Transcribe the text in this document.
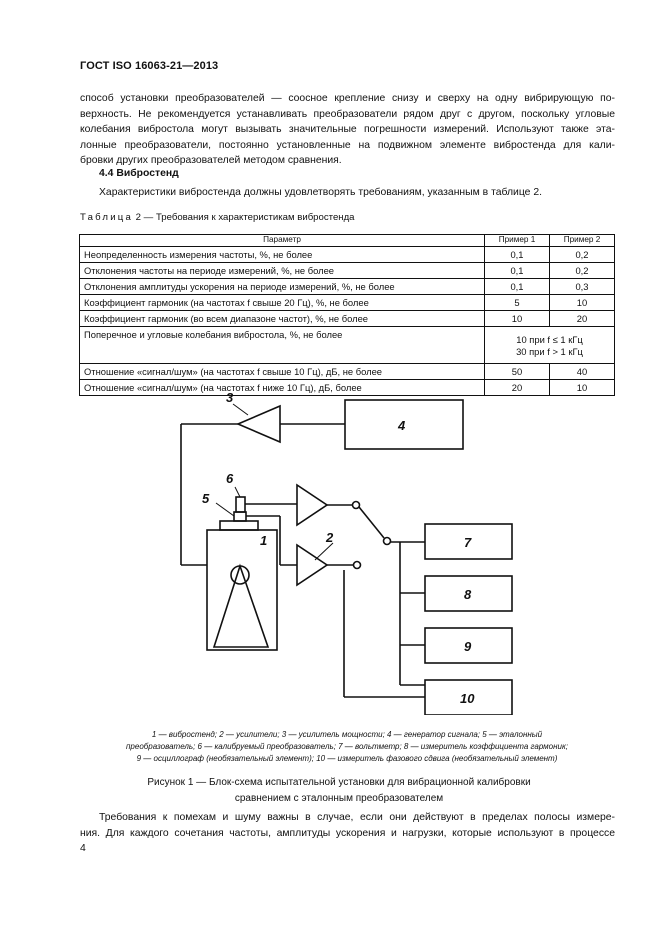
ГОСТ ISO 16063-21—2013
способ установки преобразователей — соосное крепление снизу и сверху на одну вибрирующую по-
верхность. Не рекомендуется устанавливать преобразователи рядом друг с другом, поскольку угловые
колебания вибростола могут вызывать значительные погрешности измерений. Используют также эта-
лонные преобразователи, постоянно установленные на подвижном элементе вибростенда для кали-
бровки других преобразователей методом сравнения.
4.4 Вибростенд
Характеристики вибростенда должны удовлетворять требованиям, указанным в таблице 2.
Таблица 2 — Требования к характеристикам вибростенда
Параметр	Пример 1	Пример 2
Неопределенность измерения частоты, %, не более	0,1	0,2
Отклонения частоты на периоде измерений, %, не более	0,1	0,2
Отклонения амплитуды ускорения на периоде измерений, %, не более	0,1	0,3
Коэффициент гармоник (на частотах f свыше 20 Гц), %, не более	5	10
Коэффициент гармоник (во всем диапазоне частот), %, не более	10	20
Поперечное и угловые колебания вибростола, %, не более	10 при f ≤ 1 кГц
30 при f > 1 кГц	

Отношение «сигнал/шум» (на частотах f свыше 10 Гц), дБ, не более	50	40
Отношение «сигнал/шум» (на частотах f ниже 10 Гц), дБ, более	20	10
4
3
5
6
1	2	7
8
9
10
1 — вибростенд; 2 — усилители; 3 — усилитель мощности; 4 — генератор сигнала; 5 — эталонный
преобразователь; 6 — калибруемый преобразователь; 7 — вольтметр; 8 — измеритель коэффициента гармоник;
9 — осциллограф (необязательный элемент); 10 — измеритель фазового сдвига (необязательный элемент)
Рисунок 1 — Блок-схема испытательной установки для вибрационной калибровки
сравнением с эталонным преобразователем
Требования к помехам и шуму важны в случае, если они действуют в пределах полосы измере-
ния. Для каждого сочетания частоты, амплитуды ускорения и нагрузки, которые используют в процессе
4
